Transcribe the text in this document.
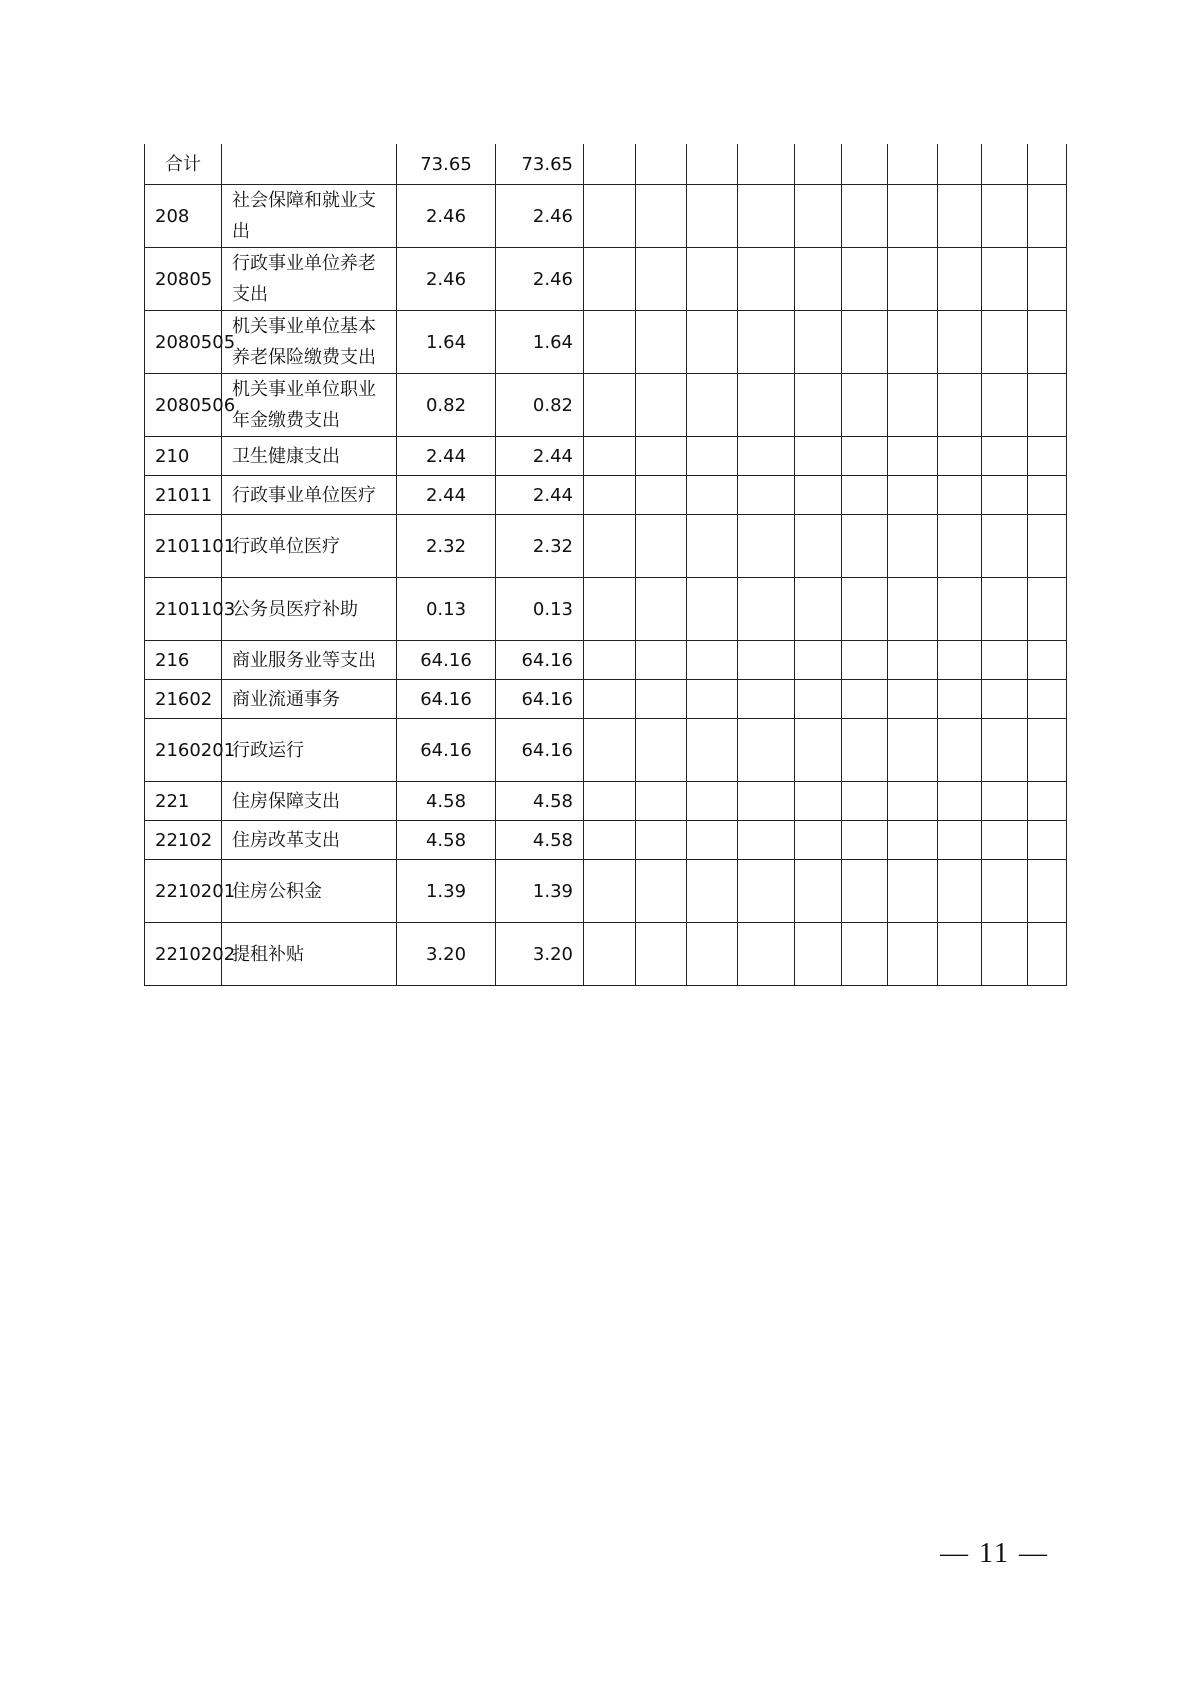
合计		73.65	73.65										
208	社会保障和就业支出	2.46	2.46										
20805	行政事业单位养老支出	2.46	2.46										
2080505	机关事业单位基本养老保险缴费支出	1.64	1.64										
2080506	机关事业单位职业年金缴费支出	0.82	0.82										
210	卫生健康支出	2.44	2.44										
21011	行政事业单位医疗	2.44	2.44										
2101101	行政单位医疗	2.32	2.32										
2101103	公务员医疗补助	0.13	0.13										
216	商业服务业等支出	64.16	64.16										
21602	商业流通事务	64.16	64.16										
2160201	行政运行	64.16	64.16										
221	住房保障支出	4.58	4.58										
22102	住房改革支出	4.58	4.58										
2210201	住房公积金	1.39	1.39										
2210202	提租补贴	3.20	3.20										
— 11 —
